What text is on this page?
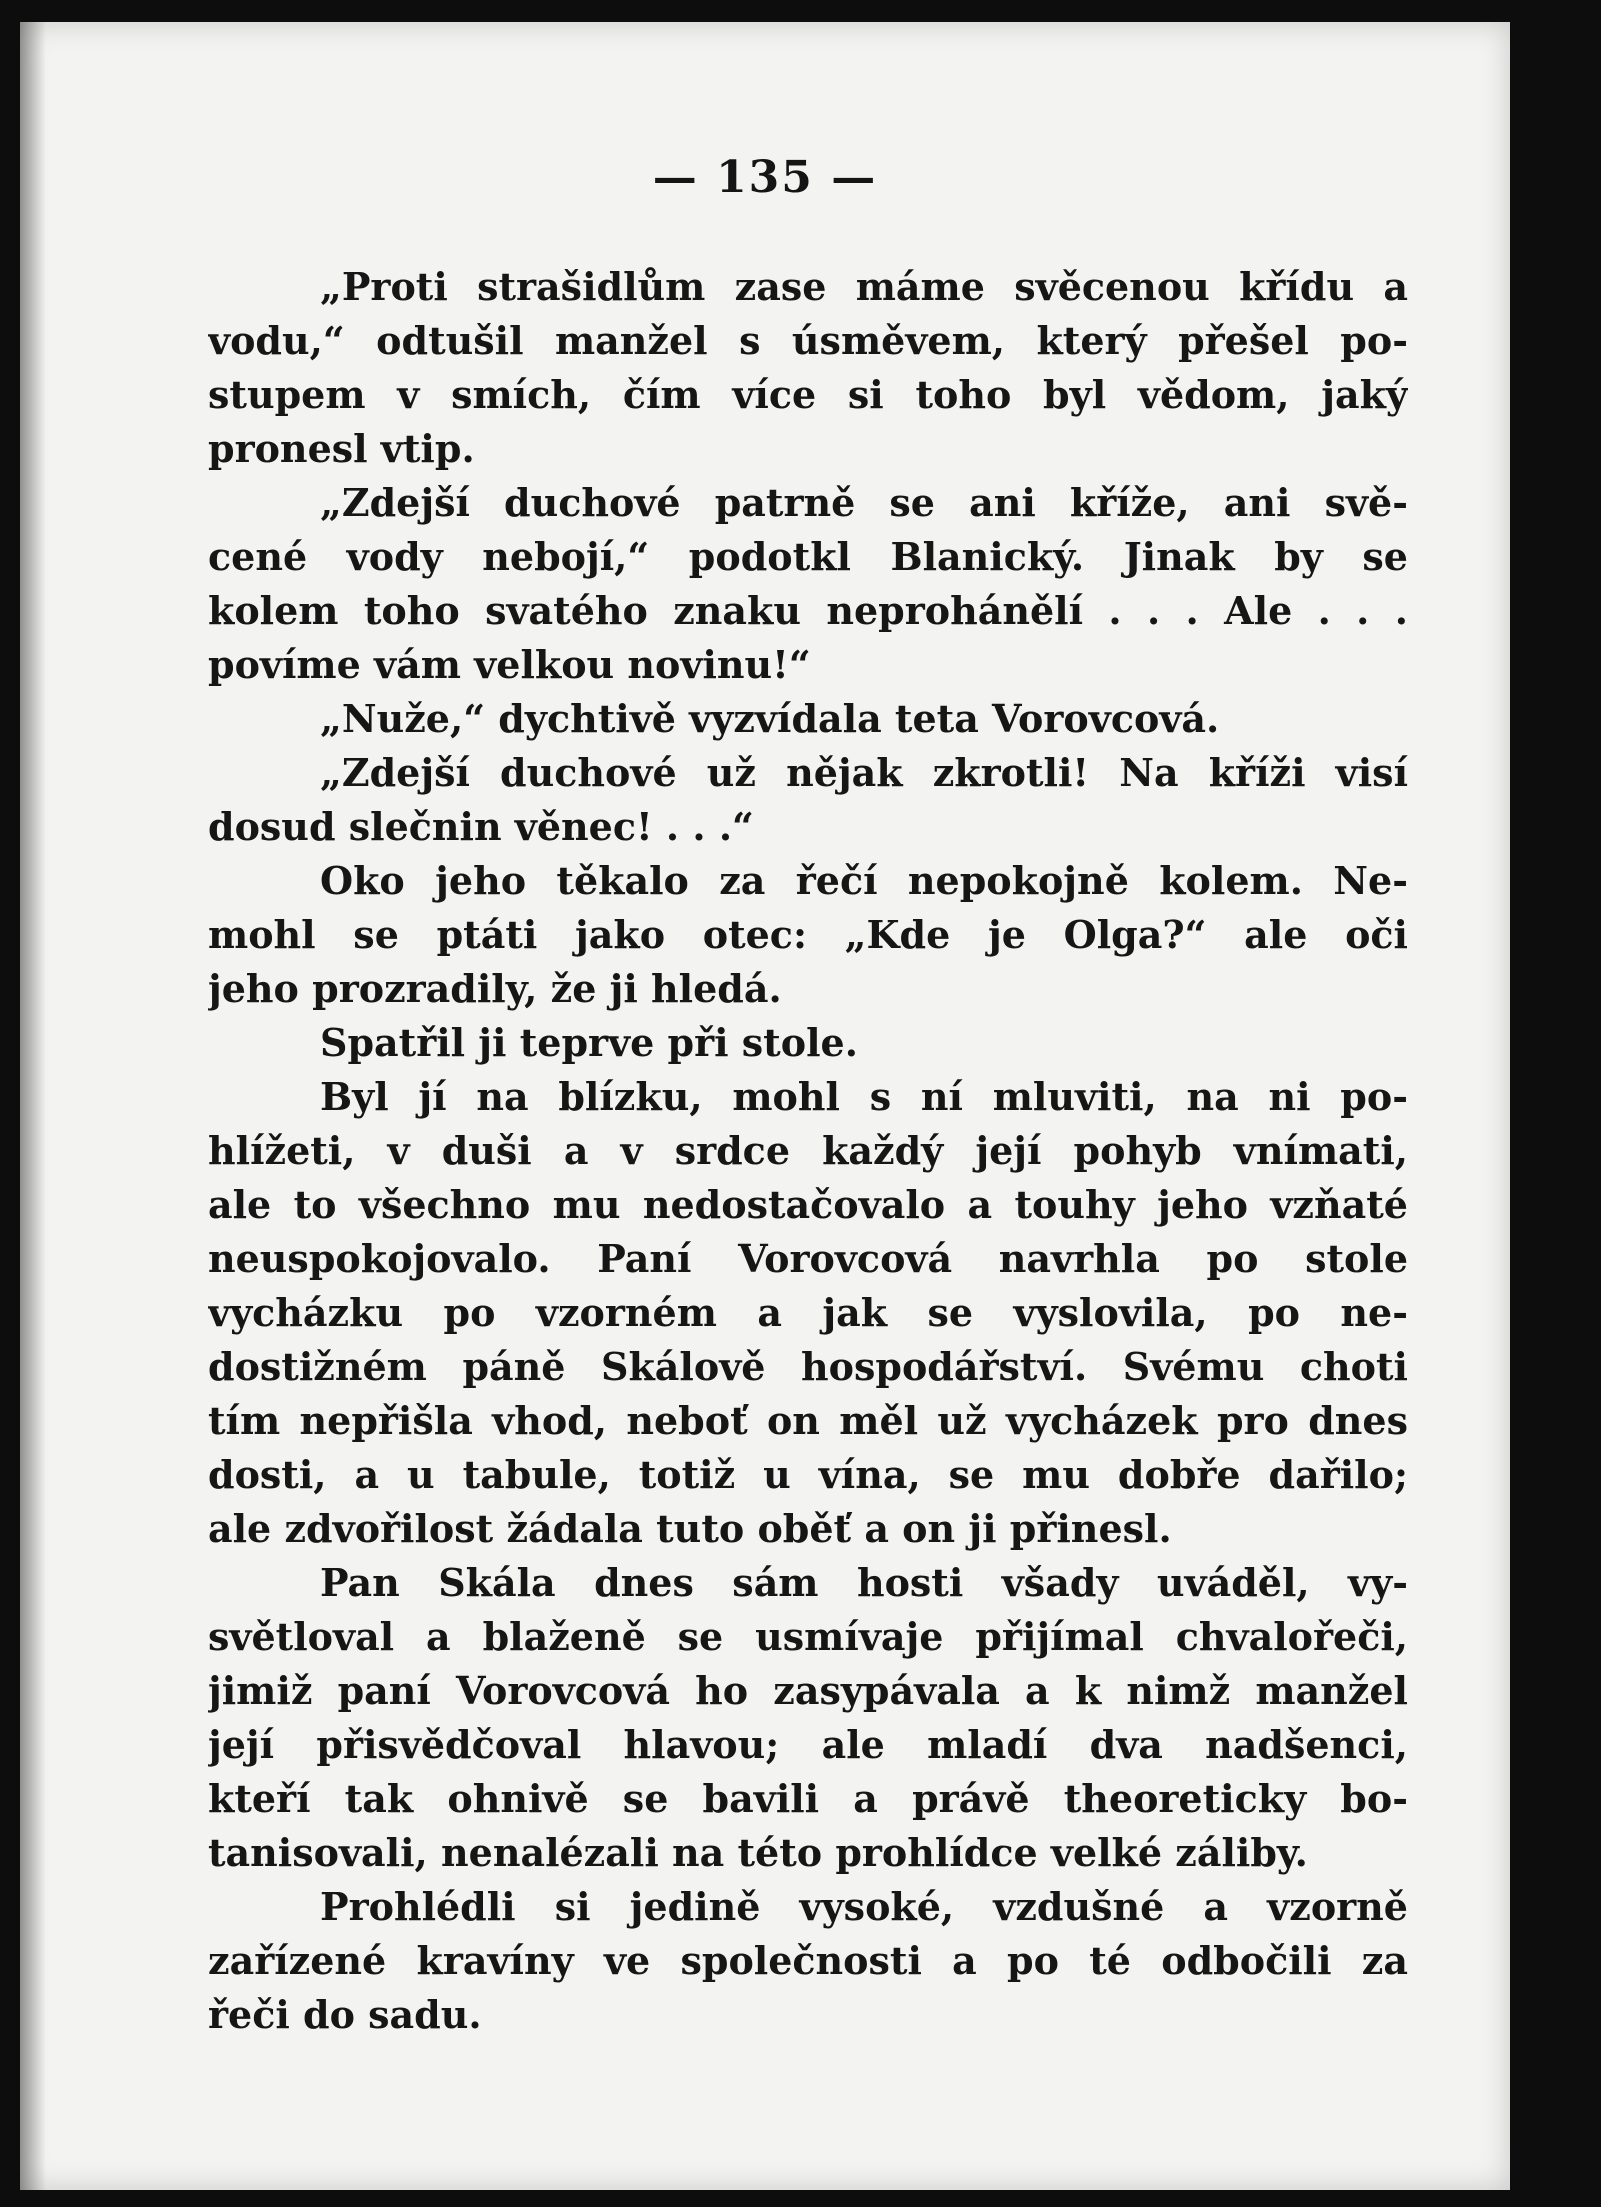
— 135 —
„Proti strašidlům zase máme svěcenou křídu a
vodu,“ odtušil manžel s úsměvem, který přešel po-
stupem v smích, čím více si toho byl vědom, jaký
pronesl vtip.
„Zdejší duchové patrně se ani kříže, ani svě-
cené vody nebojí,“ podotkl Blanický. Jinak by se
kolem toho svatého znaku neprohánělí . . . Ale . . .
povíme vám velkou novinu!“
„Nuže,“ dychtivě vyzvídala teta Vorovcová.
„Zdejší duchové už nějak zkrotli! Na kříži visí
dosud slečnin věnec! . . .“
Oko jeho těkalo za řečí nepokojně kolem. Ne-
mohl se ptáti jako otec: „Kde je Olga?“ ale oči
jeho prozradily, že ji hledá.
Spatřil ji teprve při stole.
Byl jí na blízku, mohl s ní mluviti, na ni po-
hlížeti, v duši a v srdce každý její pohyb vnímati,
ale to všechno mu nedostačovalo a touhy jeho vzňaté
neuspokojovalo. Paní Vorovcová navrhla po stole
vycházku po vzorném a jak se vyslovila, po ne-
dostižném páně Skálově hospodářství. Svému choti
tím nepřišla vhod, neboť on měl už vycházek pro dnes
dosti, a u tabule, totiž u vína, se mu dobře dařilo;
ale zdvořilost žádala tuto oběť a on ji přinesl.
Pan Skála dnes sám hosti všady uváděl, vy-
světloval a blaženě se usmívaje přijímal chvalořeči,
jimiž paní Vorovcová ho zasypávala a k nimž manžel
její přisvědčoval hlavou; ale mladí dva nadšenci,
kteří tak ohnivě se bavili a právě theoreticky bo-
tanisovali, nenalézali na této prohlídce velké záliby.
Prohlédli si jedině vysoké, vzdušné a vzorně
zařízené kravíny ve společnosti a po té odbočili za
řeči do sadu.
